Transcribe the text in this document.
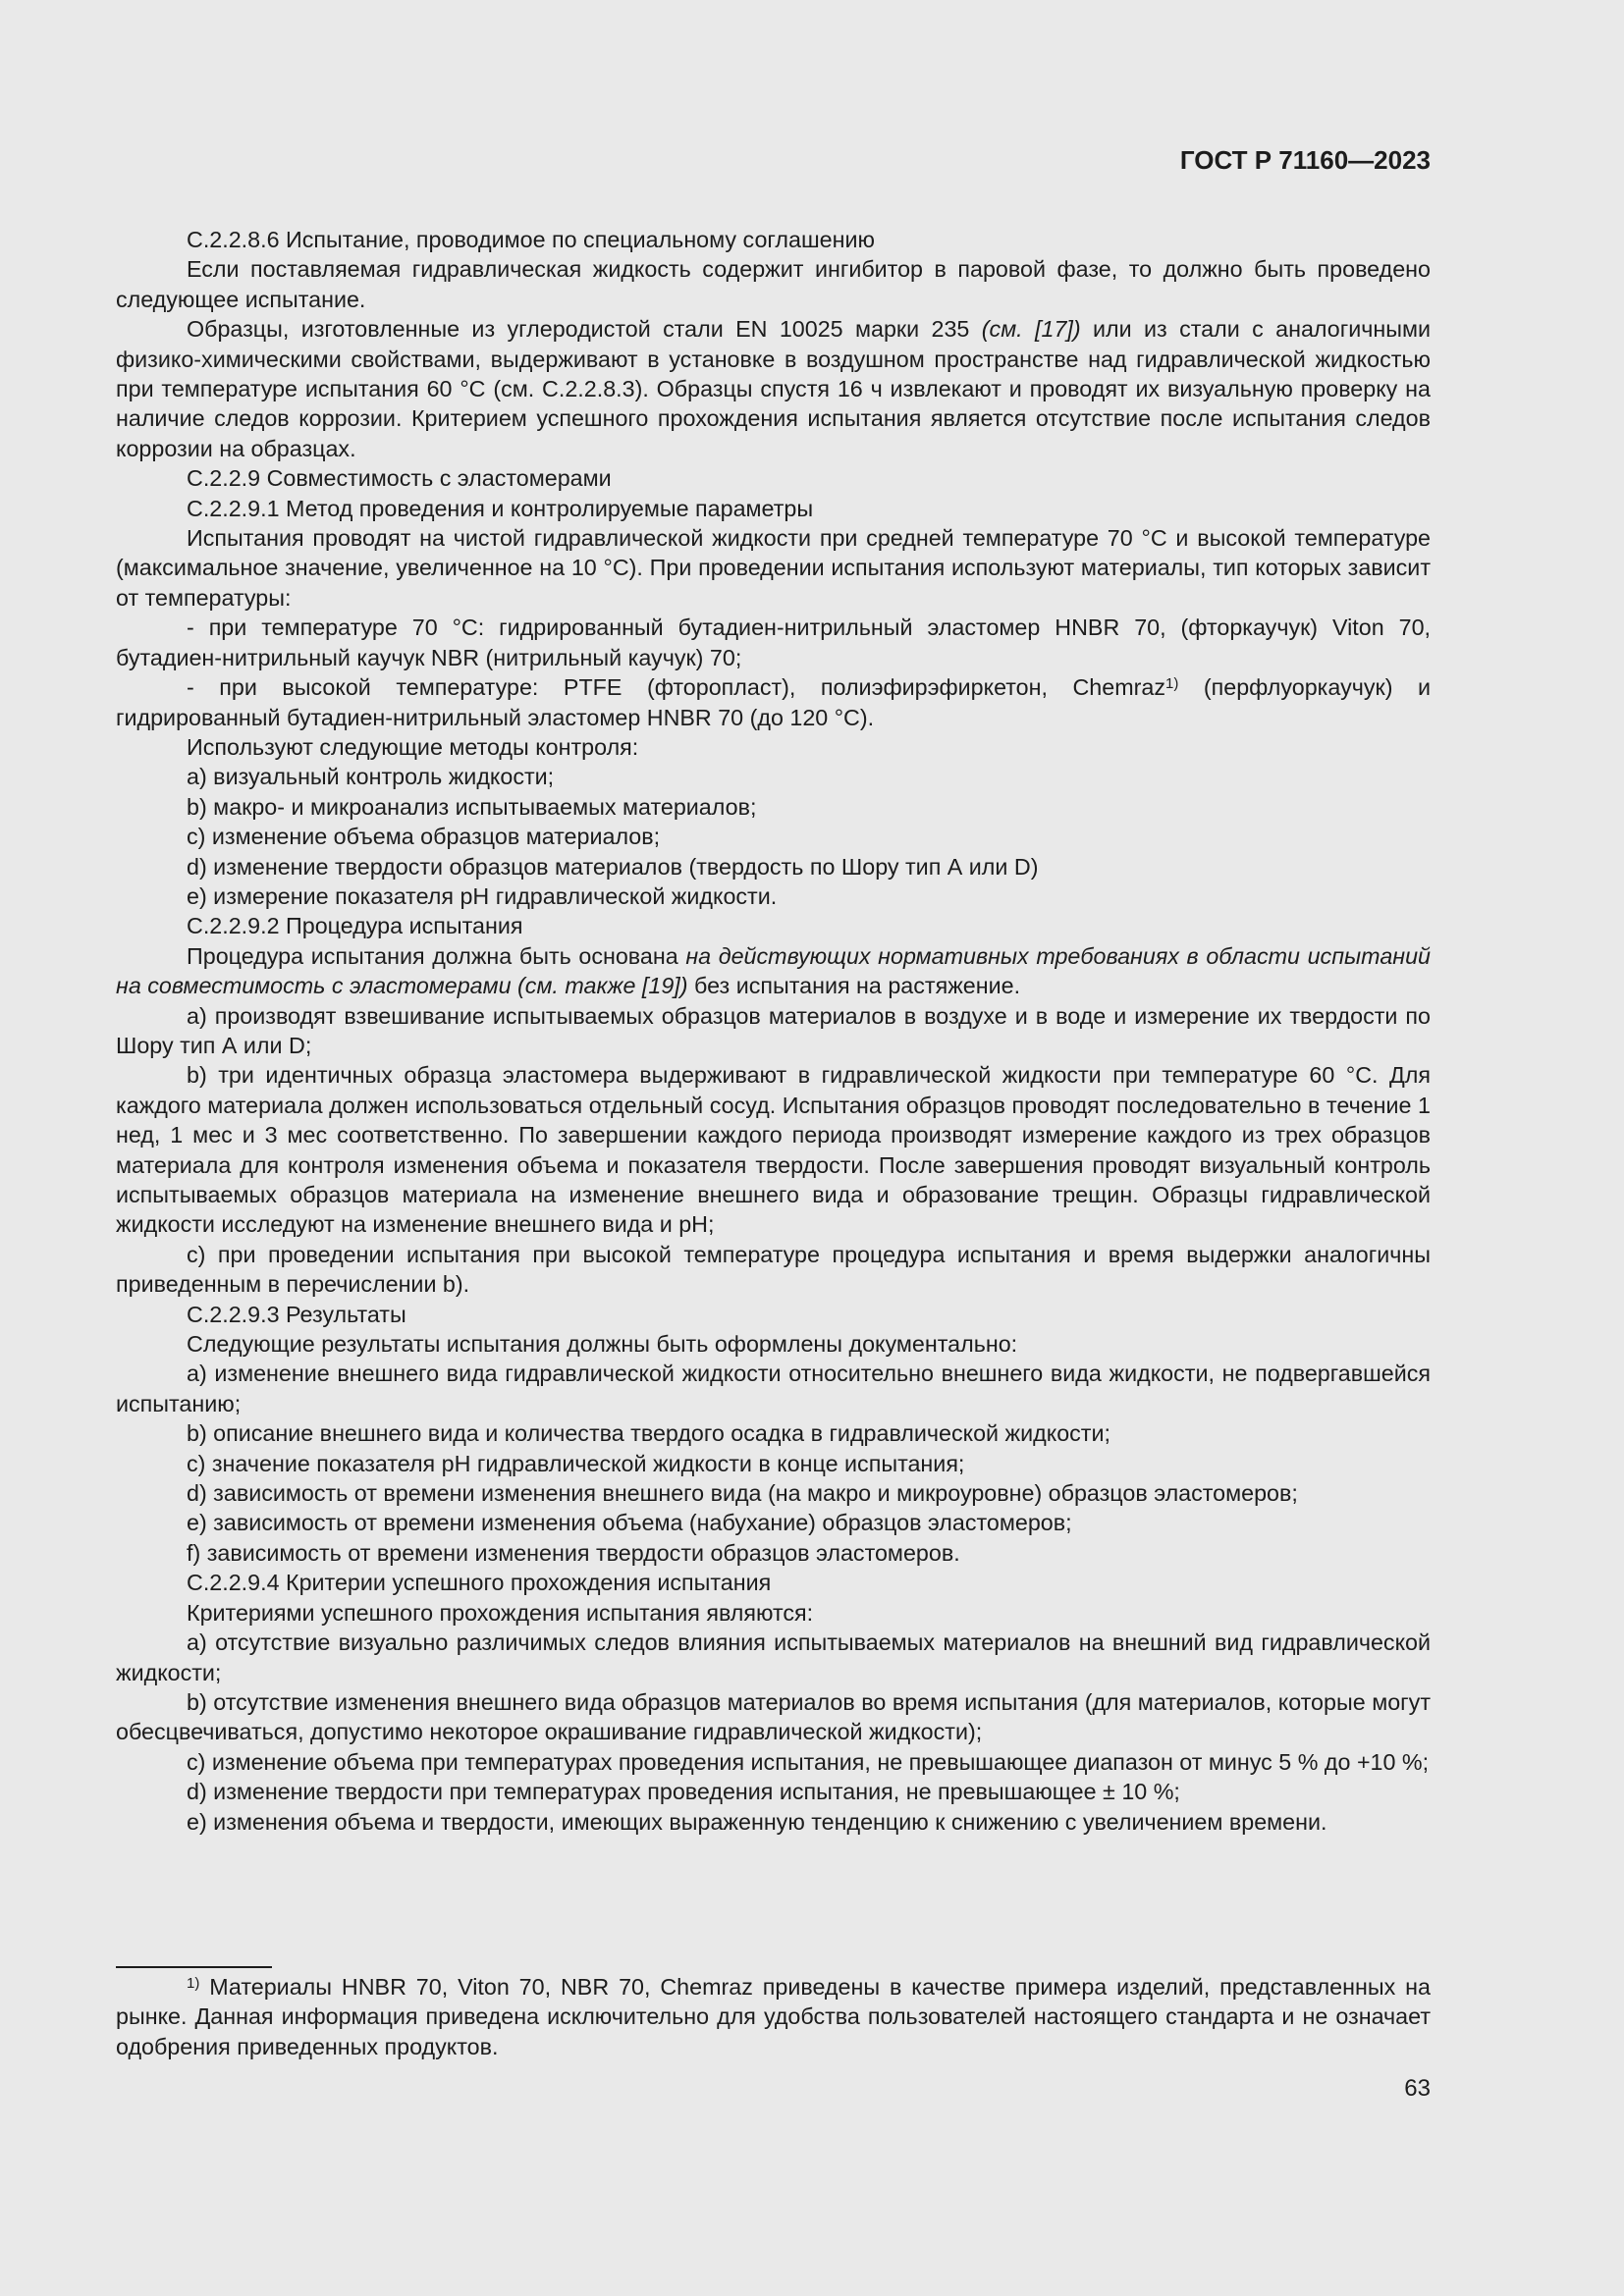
ГОСТ Р 71160—2023

С.2.2.8.6 Испытание, проводимое по специальному соглашению

Если поставляемая гидравлическая жидкость содержит ингибитор в паровой фазе, то должно быть проведено следующее испытание.

Образцы, изготовленные из углеродистой стали EN 10025 марки 235 (см. [17]) или из стали с аналогичными физико-химическими свойствами, выдерживают в установке в воздушном пространстве над гидравлической жидкостью при температуре испытания 60 °С (см. С.2.2.8.3). Образцы спустя 16 ч извлекают и проводят их визуальную проверку на наличие следов коррозии. Критерием успешного прохождения испытания является отсутствие после испытания следов коррозии на образцах.

С.2.2.9 Совместимость с эластомерами

С.2.2.9.1 Метод проведения и контролируемые параметры

Испытания проводят на чистой гидравлической жидкости при средней температуре 70 °С и высокой температуре (максимальное значение, увеличенное на 10 °С). При проведении испытания используют материалы, тип которых зависит от температуры:

- при температуре 70 °С: гидрированный бутадиен-нитрильный эластомер HNBR 70, (фторкаучук) Viton 70, бутадиен-нитрильный каучук NBR (нитрильный каучук) 70;

- при высокой температуре: PTFE (фторопласт), полиэфирэфиркетон, Chemraz$^{1)}$ (перфлуоркаучук) и гидрированный бутадиен-нитрильный эластомер HNBR 70 (до 120 °С).

Используют следующие методы контроля:

а) визуальный контроль жидкости;

b) макро- и микроанализ испытываемых материалов;

с) изменение объема образцов материалов;

d) изменение твердости образцов материалов (твердость по Шору тип А или D)

е) измерение показателя pH гидравлической жидкости.

С.2.2.9.2 Процедура испытания

Процедура испытания должна быть основана на действующих нормативных требованиях в области испытаний на совместимость с эластомерами (см. также [19]) без испытания на растяжение.

а) производят взвешивание испытываемых образцов материалов в воздухе и в воде и измерение их твердости по Шору тип А или D;

b) три идентичных образца эластомера выдерживают в гидравлической жидкости при температуре 60 °С. Для каждого материала должен использоваться отдельный сосуд. Испытания образцов проводят последовательно в течение 1 нед, 1 мес и 3 мес соответственно. По завершении каждого периода производят измерение каждого из трех образцов материала для контроля изменения объема и показателя твердости. После завершения проводят визуальный контроль испытываемых образцов материала на изменение внешнего вида и образование трещин. Образцы гидравлической жидкости исследуют на изменение внешнего вида и pH;

с) при проведении испытания при высокой температуре процедура испытания и время выдержки аналогичны приведенным в перечислении b).

С.2.2.9.3 Результаты

Следующие результаты испытания должны быть оформлены документально:

а) изменение внешнего вида гидравлической жидкости относительно внешнего вида жидкости, не подвергавшейся испытанию;

b) описание внешнего вида и количества твердого осадка в гидравлической жидкости;

с) значение показателя pH гидравлической жидкости в конце испытания;

d) зависимость от времени изменения внешнего вида (на макро и микроуровне) образцов эластомеров;

е) зависимость от времени изменения объема (набухание) образцов эластомеров;

f) зависимость от времени изменения твердости образцов эластомеров.

С.2.2.9.4 Критерии успешного прохождения испытания

Критериями успешного прохождения испытания являются:

а) отсутствие визуально различимых следов влияния испытываемых материалов на внешний вид гидравлической жидкости;

b) отсутствие изменения внешнего вида образцов материалов во время испытания (для материалов, которые могут обесцвечиваться, допустимо некоторое окрашивание гидравлической жидкости);

с) изменение объема при температурах проведения испытания, не превышающее диапазон от минус 5 % до +10 %;

d) изменение твердости при температурах проведения испытания, не превышающее ± 10 %;

е) изменения объема и твердости, имеющих выраженную тенденцию к снижению с увеличением времени.

$^{1)}$ Материалы HNBR 70, Viton 70, NBR 70, Chemraz приведены в качестве примера изделий, представленных на рынке. Данная информация приведена исключительно для удобства пользователей настоящего стандарта и не означает одобрения приведенных продуктов.

63
